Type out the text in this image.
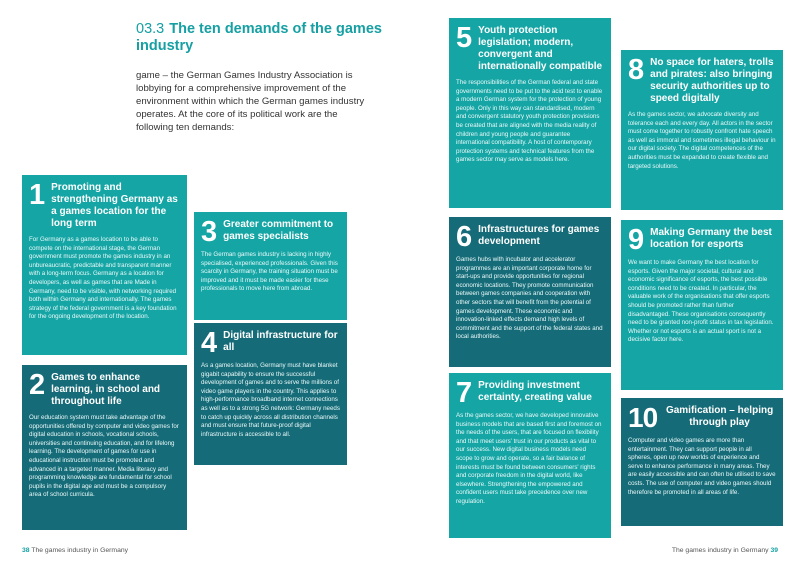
03.3 The ten demands of the games industry

game – the German Games Industry Association is lobbying for a comprehensive improvement of the environment within which the German games industry operates. At the core of its political work are the following ten demands:

1 Promoting and strengthening Germany as a games location for the long term

For Germany as a games location to be able to compete on the international stage, the German government must promote the games industry in an unbureaucratic, predictable and transparent manner with a long-term focus. Germany as a location for developers, as well as games that are Made in Germany, need to be visible, with networking required both within Germany and internationally. The games strategy of the federal government is a key foundation for the ongoing development of the location.

2 Games to enhance learning, in school and throughout life

Our education system must take advantage of the opportunities offered by computer and video games for digital education in schools, vocational schools, universities and continuing education, and for lifelong learning. The development of games for use in educational instruction must be promoted and advanced in a targeted manner. Media literacy and programming knowledge are fundamental for school pupils in the digital age and must be a compulsory area of school curricula.

3 Greater commitment to games specialists

The German games industry is lacking in highly specialised, experienced professionals. Given this scarcity in Germany, the training situation must be improved and it must be made easier for these professionals to move here from abroad.

4 Digital infrastructure for all

As a games location, Germany must have blanket gigabit capability to ensure the successful development of games and to serve the millions of video game players in the country. This applies to high-performance broadband internet connections as well as to a strong 5G network: Germany needs to catch up quickly across all distribution channels and must ensure that future-proof digital infrastructure is accessible to all.

38 The games industry in Germany
5 Youth protection legislation; modern, convergent and internationally compatible

The responsibilities of the German federal and state governments need to be put to the acid test to enable a modern German system for the protection of young people. Only in this way can standardised, modern and convergent statutory youth protection provisions be created that are aligned with the media reality of children and young people and guarantee international compatibility. A host of contemporary protection systems and technical features from the games sector may serve as models here.

6 Infrastructures for games development

Games hubs with incubator and accelerator programmes are an important corporate home for start-ups and provide opportunities for regional economic locations. They promote communication between games companies and cooperation with other sectors that will benefit from the potential of games development. These economic and innovation-linked effects demand high levels of commitment and the support of the federal states and local authorities.

7 Providing investment certainty, creating value

As the games sector, we have developed innovative business models that are based first and foremost on the needs of the users, that are focused on flexibility and that meet users' trust in our products as vital to our success. New digital business models need scope to grow and operate, so a fair balance of interests must be found between consumers' rights and corporate freedom in the digital world, like elsewhere. Strengthening the empowered and confident users must take precedence over new regulation.

8 No space for haters, trolls and pirates: also bringing security authorities up to speed digitally

As the games sector, we advocate diversity and tolerance each and every day. All actors in the sector must come together to robustly confront hate speech as well as immoral and sometimes illegal behaviour in our digital society. The digital competences of the authorities must be expanded to create flexible and targeted solutions.

9 Making Germany the best location for esports

We want to make Germany the best location for esports. Given the major societal, cultural and economic significance of esports, the best possible conditions need to be created. In particular, the valuable work of the organisations that offer esports should be promoted rather than further disadvantaged. These organisations consequently need to be granted non-profit status in tax legislation. Whether or not esports is an actual sport is not a decisive factor here.

10 Gamification – helping through play

Computer and video games are more than entertainment. They can support people in all spheres, open up new worlds of experience and serve to enhance performance in many areas. They are easily accessible and can often be utilised to save costs. The use of computer and video games should therefore be promoted in all areas of life.

The games industry in Germany 39
